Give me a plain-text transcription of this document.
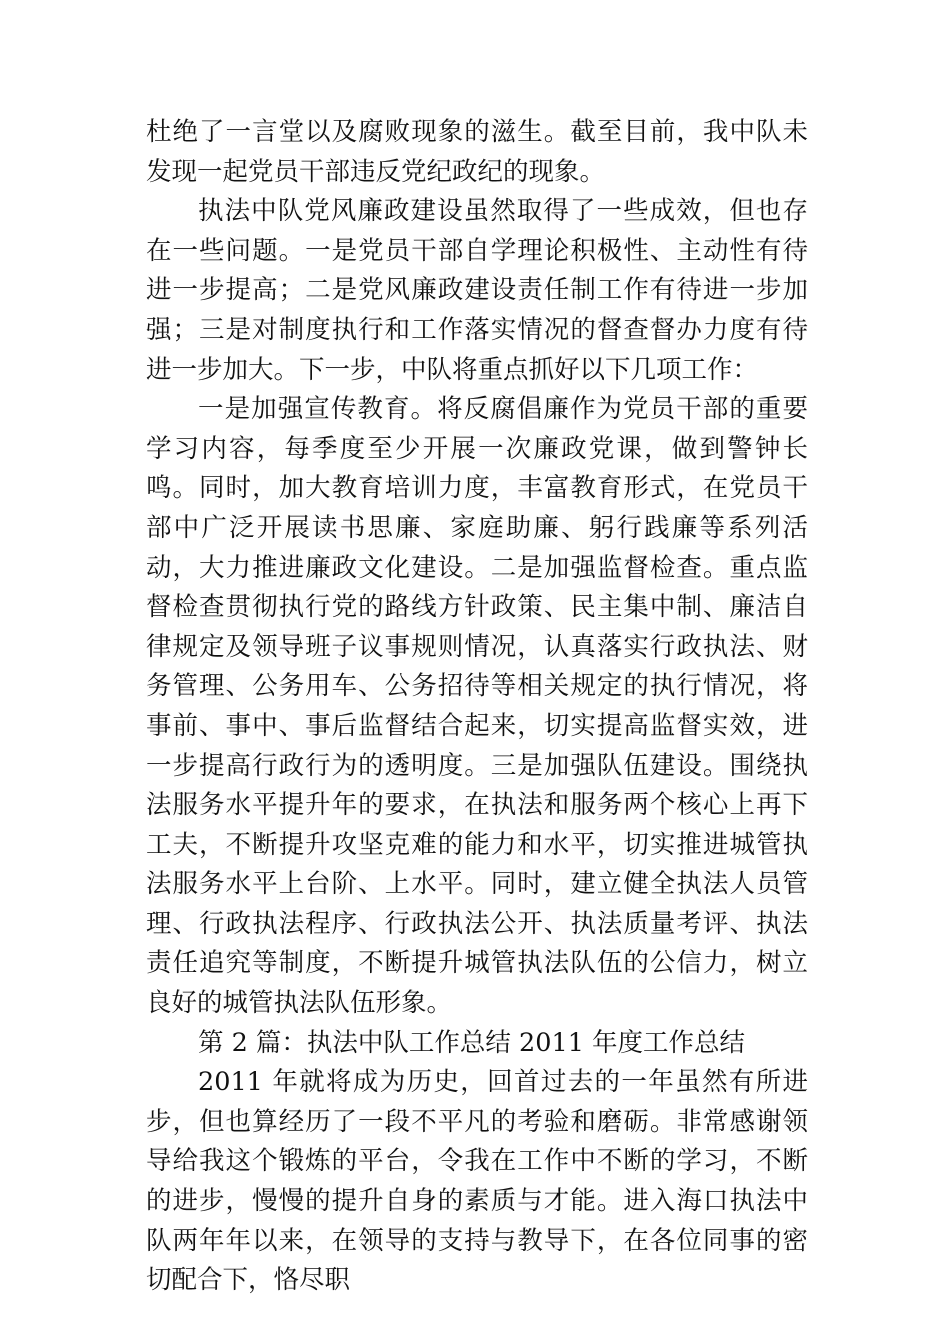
杜绝了一言堂以及腐败现象的滋生。截至目前，我中队未发现一起党员干部违反党纪政纪的现象。

执法中队党风廉政建设虽然取得了一些成效，但也存在一些问题。一是党员干部自学理论积极性、主动性有待进一步提高；二是党风廉政建设责任制工作有待进一步加强；三是对制度执行和工作落实情况的督查督办力度有待进一步加大。下一步，中队将重点抓好以下几项工作：

一是加强宣传教育。将反腐倡廉作为党员干部的重要学习内容，每季度至少开展一次廉政党课，做到警钟长鸣。同时，加大教育培训力度，丰富教育形式，在党员干部中广泛开展读书思廉、家庭助廉、躬行践廉等系列活动，大力推进廉政文化建设。二是加强监督检查。重点监督检查贯彻执行党的路线方针政策、民主集中制、廉洁自律规定及领导班子议事规则情况，认真落实行政执法、财务管理、公务用车、公务招待等相关规定的执行情况，将事前、事中、事后监督结合起来，切实提高监督实效，进一步提高行政行为的透明度。三是加强队伍建设。围绕执法服务水平提升年的要求，在执法和服务两个核心上再下工夫，不断提升攻坚克难的能力和水平，切实推进城管执法服务水平上台阶、上水平。同时，建立健全执法人员管理、行政执法程序、行政执法公开、执法质量考评、执法责任追究等制度，不断提升城管执法队伍的公信力，树立良好的城管执法队伍形象。

第 2 篇：执法中队工作总结 2011 年度工作总结

2011 年就将成为历史，回首过去的一年虽然有所进步，但也算经历了一段不平凡的考验和磨砺。非常感谢领导给我这个锻炼的平台，令我在工作中不断的学习，不断的进步，慢慢的提升自身的素质与才能。进入海口执法中队两年年以来，在领导的支持与教导下，在各位同事的密切配合下，恪尽职
